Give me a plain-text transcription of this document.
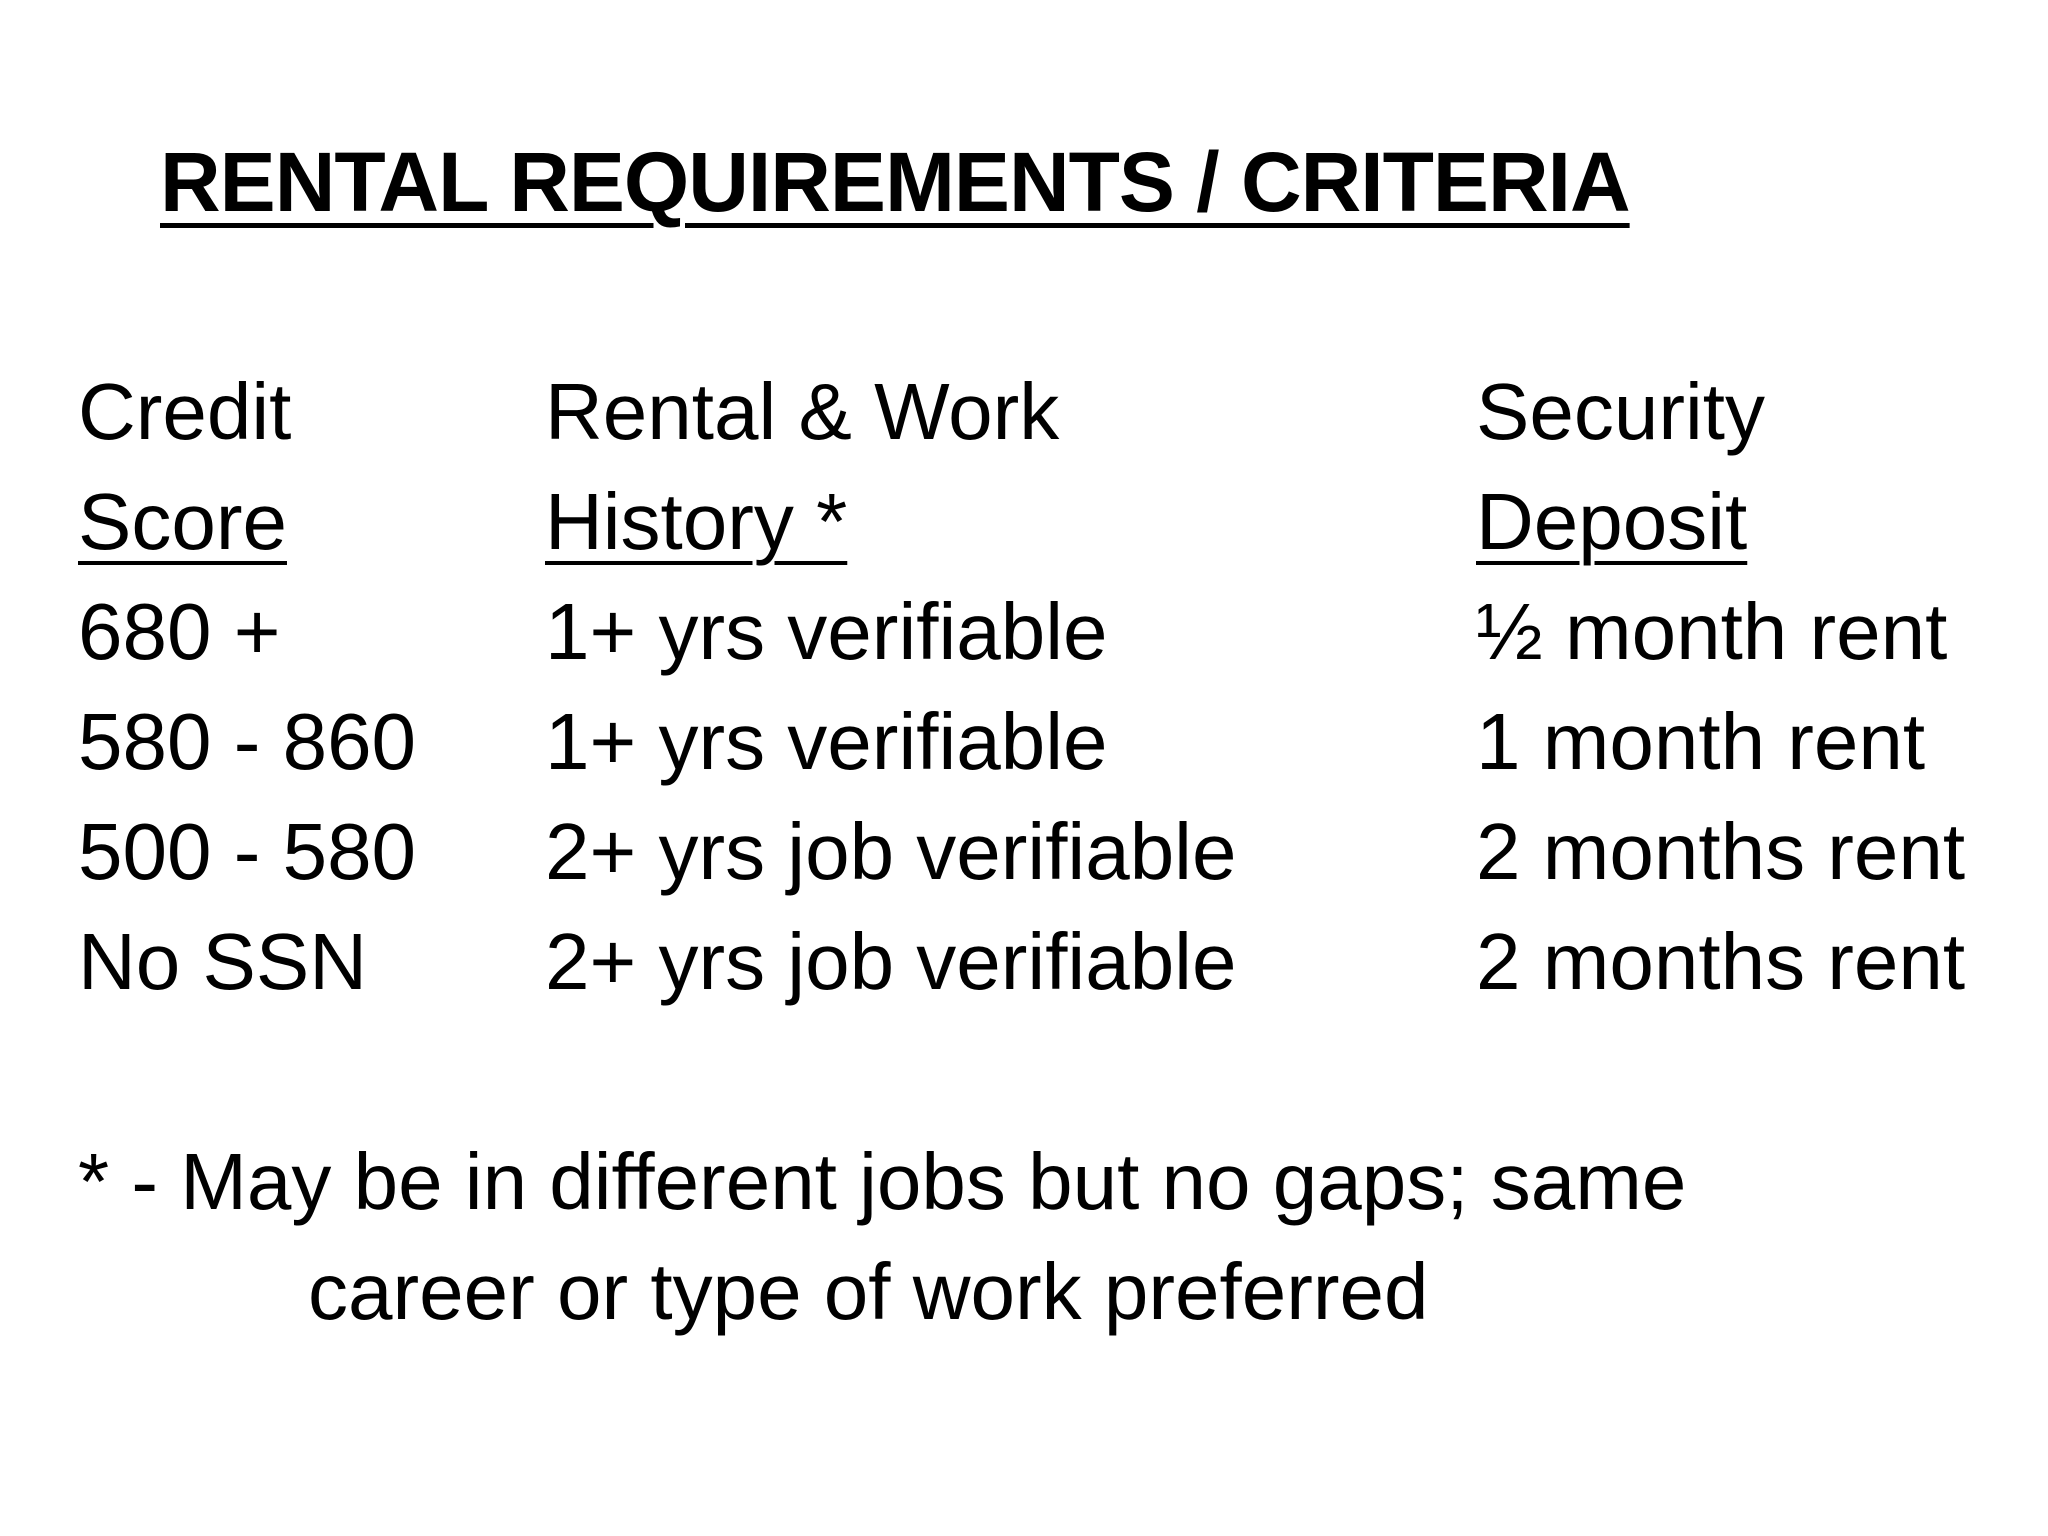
RENTAL REQUIREMENTS / CRITERIA
Credit	Rental & Work	Security
Score	History *	Deposit
680 +	1+ yrs verifiable	½ month rent
580 - 860 1+ yrs verifiable	1 month rent
500 - 580 2+ yrs job verifiable	2 months rent
No SSN 2+ yrs job verifiable	2 months rent
* - May be in different jobs but no gaps; same
career or type of work preferred
